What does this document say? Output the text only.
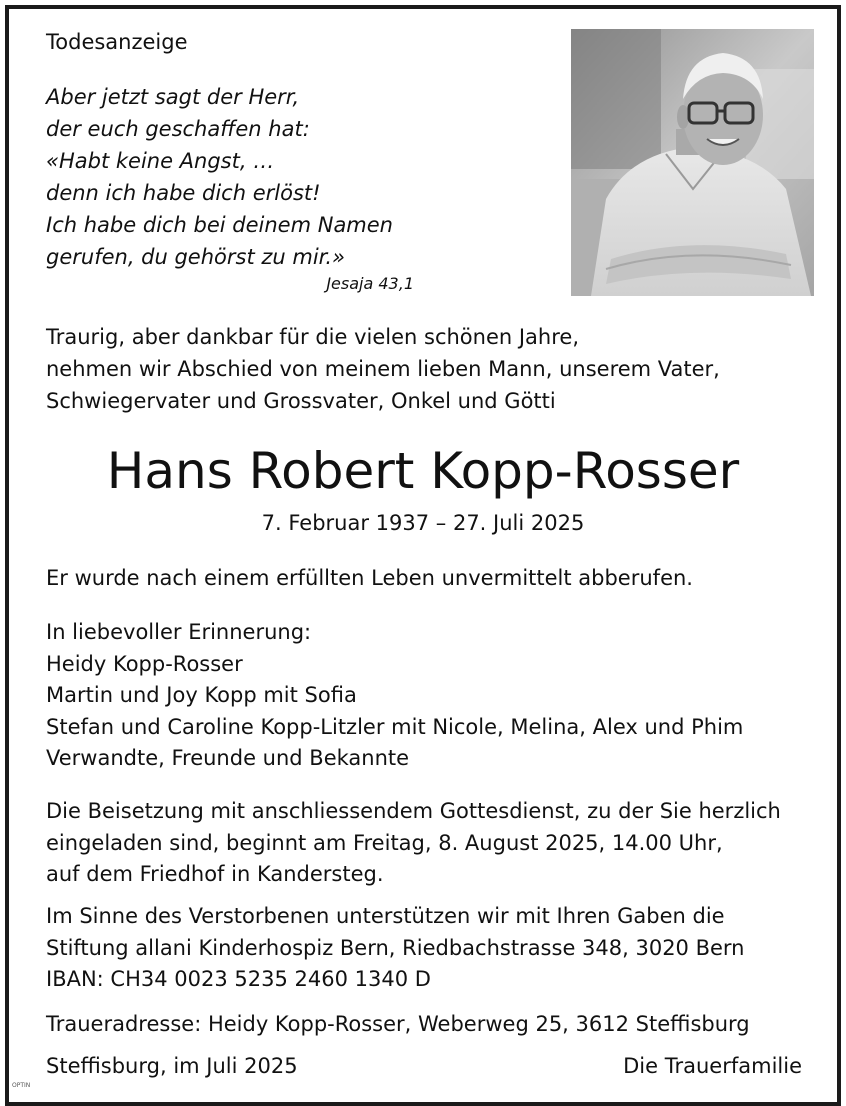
Todesanzeige
Aber jetzt sagt der Herr,
der euch geschaffen hat:
«Habt keine Angst, …
denn ich habe dich erlöst!
Ich habe dich bei deinem Namen
gerufen, du gehörst zu mir.»
Jesaja 43,1
Traurig, aber dankbar für die vielen schönen Jahre,
nehmen wir Abschied von meinem lieben Mann, unserem Vater,
Schwiegervater und Grossvater, Onkel und Götti
Hans Robert Kopp-Rosser
7. Februar 1937 – 27. Juli 2025
Er wurde nach einem erfüllten Leben unvermittelt abberufen.
In liebevoller Erinnerung:
Heidy Kopp-Rosser
Martin und Joy Kopp mit Sofia
Stefan und Caroline Kopp-Litzler mit Nicole, Melina, Alex und Phim
Verwandte, Freunde und Bekannte
Die Beisetzung mit anschliessendem Gottesdienst, zu der Sie herzlich
eingeladen sind, beginnt am Freitag, 8. August 2025, 14.00 Uhr,
auf dem Friedhof in Kandersteg.
Im Sinne des Verstorbenen unterstützen wir mit Ihren Gaben die
Stiftung allani Kinderhospiz Bern, Riedbachstrasse 348, 3020 Bern
IBAN: CH34 0023 5235 2460 1340 D
Traueradresse: Heidy Kopp-Rosser, Weberweg 25, 3612 Steffisburg
Steffisburg, im Juli 2025	Die Trauerfamilie
OPTIN
